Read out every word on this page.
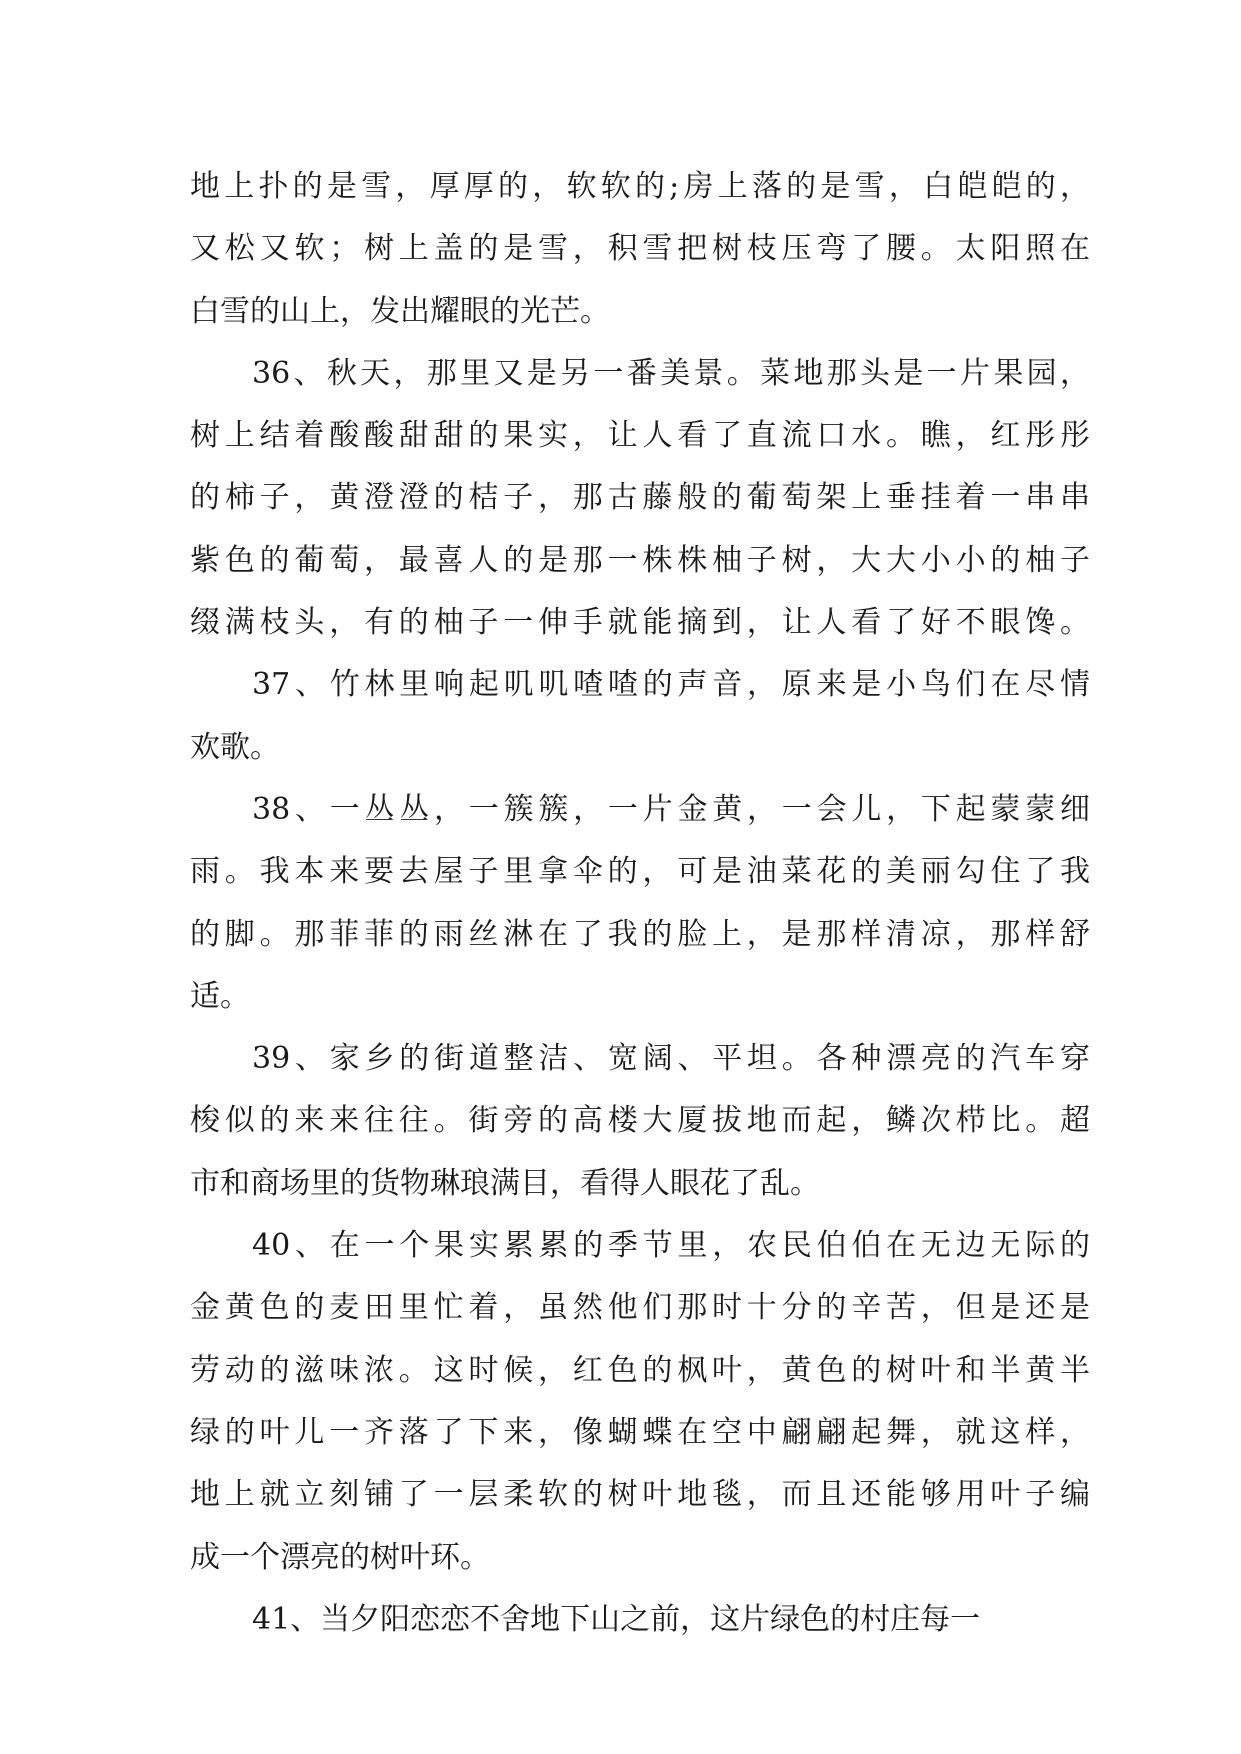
地上扑的是雪，厚厚的，软软的;房上落的是雪，白皑皑的，
又松又软；树上盖的是雪，积雪把树枝压弯了腰。太阳照在
白雪的山上，发出耀眼的光芒。
36、秋天，那里又是另一番美景。菜地那头是一片果园，
树上结着酸酸甜甜的果实，让人看了直流口水。瞧，红彤彤
的柿子，黄澄澄的桔子，那古藤般的葡萄架上垂挂着一串串
紫色的葡萄，最喜人的是那一株株柚子树，大大小小的柚子
缀满枝头，有的柚子一伸手就能摘到，让人看了好不眼馋。
37、竹林里响起叽叽喳喳的声音，原来是小鸟们在尽情
欢歌。
38、一丛丛，一簇簇，一片金黄，一会儿，下起蒙蒙细
雨。我本来要去屋子里拿伞的，可是油菜花的美丽勾住了我
的脚。那菲菲的雨丝淋在了我的脸上，是那样清凉，那样舒
适。
39、家乡的街道整洁、宽阔、平坦。各种漂亮的汽车穿
梭似的来来往往。街旁的高楼大厦拔地而起，鳞次栉比。超
市和商场里的货物琳琅满目，看得人眼花了乱。
40、在一个果实累累的季节里，农民伯伯在无边无际的
金黄色的麦田里忙着，虽然他们那时十分的辛苦，但是还是
劳动的滋味浓。这时候，红色的枫叶，黄色的树叶和半黄半
绿的叶儿一齐落了下来，像蝴蝶在空中翩翩起舞，就这样，
地上就立刻铺了一层柔软的树叶地毯，而且还能够用叶子编
成一个漂亮的树叶环。
41、当夕阳恋恋不舍地下山之前，这片绿色的村庄每一
